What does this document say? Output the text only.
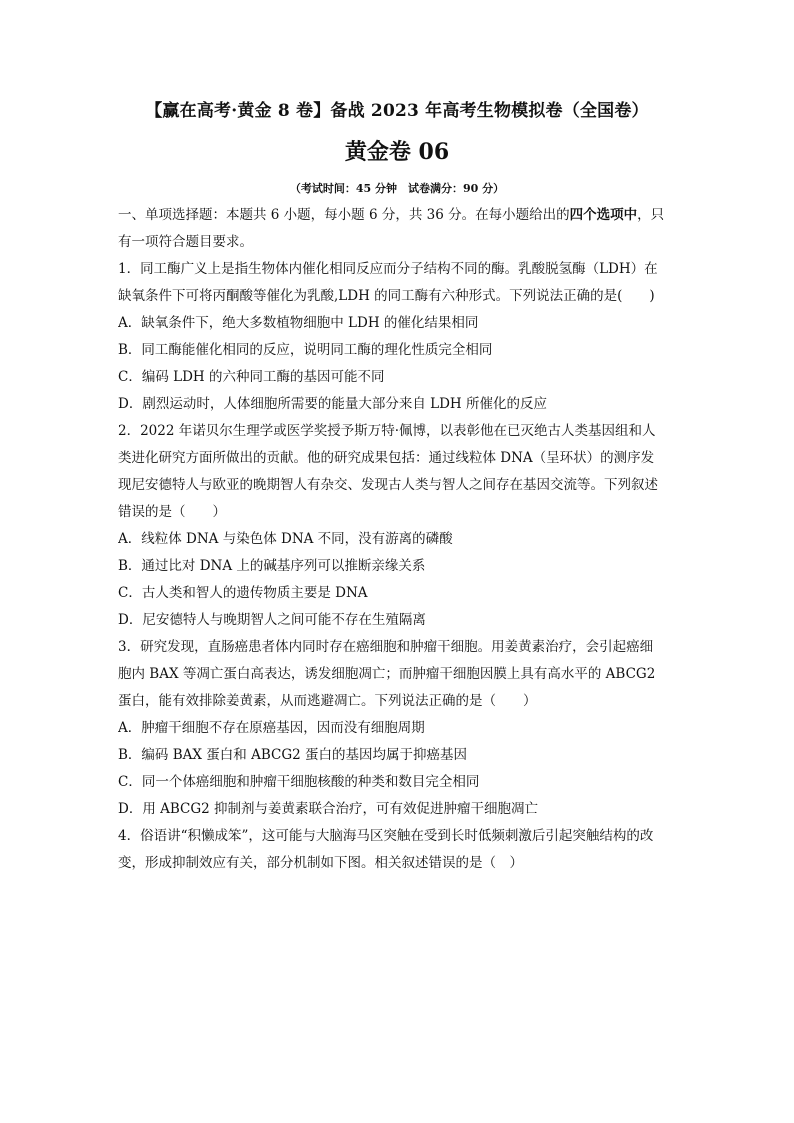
【赢在高考·黄金 8 卷】备战 2023 年高考生物模拟卷（全国卷）
黄金卷 06
（考试时间：45 分钟　试卷满分：90 分）
一、单项选择题：本题共 6 小题，每小题 6 分，共 36 分。在每小题给出的四个选项中，只
有一项符合题目要求。
1．同工酶广义上是指生物体内催化相同反应而分子结构不同的酶。乳酸脱氢酶（LDH）在
缺氧条件下可将丙酮酸等催化为乳酸,LDH 的同工酶有六种形式。下列说法正确的是(　　)
A．缺氧条件下，绝大多数植物细胞中 LDH 的催化结果相同
B．同工酶能催化相同的反应，说明同工酶的理化性质完全相同
C．编码 LDH 的六种同工酶的基因可能不同
D．剧烈运动时，人体细胞所需要的能量大部分来自 LDH 所催化的反应
2．2022 年诺贝尔生理学或医学奖授予斯万特·佩博，以表彰他在已灭绝古人类基因组和人
类进化研究方面所做出的贡献。他的研究成果包括：通过线粒体 DNA（呈环状）的测序发
现尼安德特人与欧亚的晚期智人有杂交、发现古人类与智人之间存在基因交流等。下列叙述
错误的是（　　）
A．线粒体 DNA 与染色体 DNA 不同，没有游离的磷酸
B．通过比对 DNA 上的碱基序列可以推断亲缘关系
C．古人类和智人的遗传物质主要是 DNA
D．尼安德特人与晚期智人之间可能不存在生殖隔离
3．研究发现，直肠癌患者体内同时存在癌细胞和肿瘤干细胞。用姜黄素治疗，会引起癌细
胞内 BAX 等凋亡蛋白高表达，诱发细胞凋亡；而肿瘤干细胞因膜上具有高水平的 ABCG2
蛋白，能有效排除姜黄素，从而逃避凋亡。下列说法正确的是（　　）
A．肿瘤干细胞不存在原癌基因，因而没有细胞周期
B．编码 BAX 蛋白和 ABCG2 蛋白的基因均属于抑癌基因
C．同一个体癌细胞和肿瘤干细胞核酸的种类和数目完全相同
D．用 ABCG2 抑制剂与姜黄素联合治疗，可有效促进肿瘤干细胞凋亡
4．俗语讲“积懒成笨”，这可能与大脑海马区突触在受到长时低频刺激后引起突触结构的改
变，形成抑制效应有关，部分机制如下图。相关叙述错误的是（　）
